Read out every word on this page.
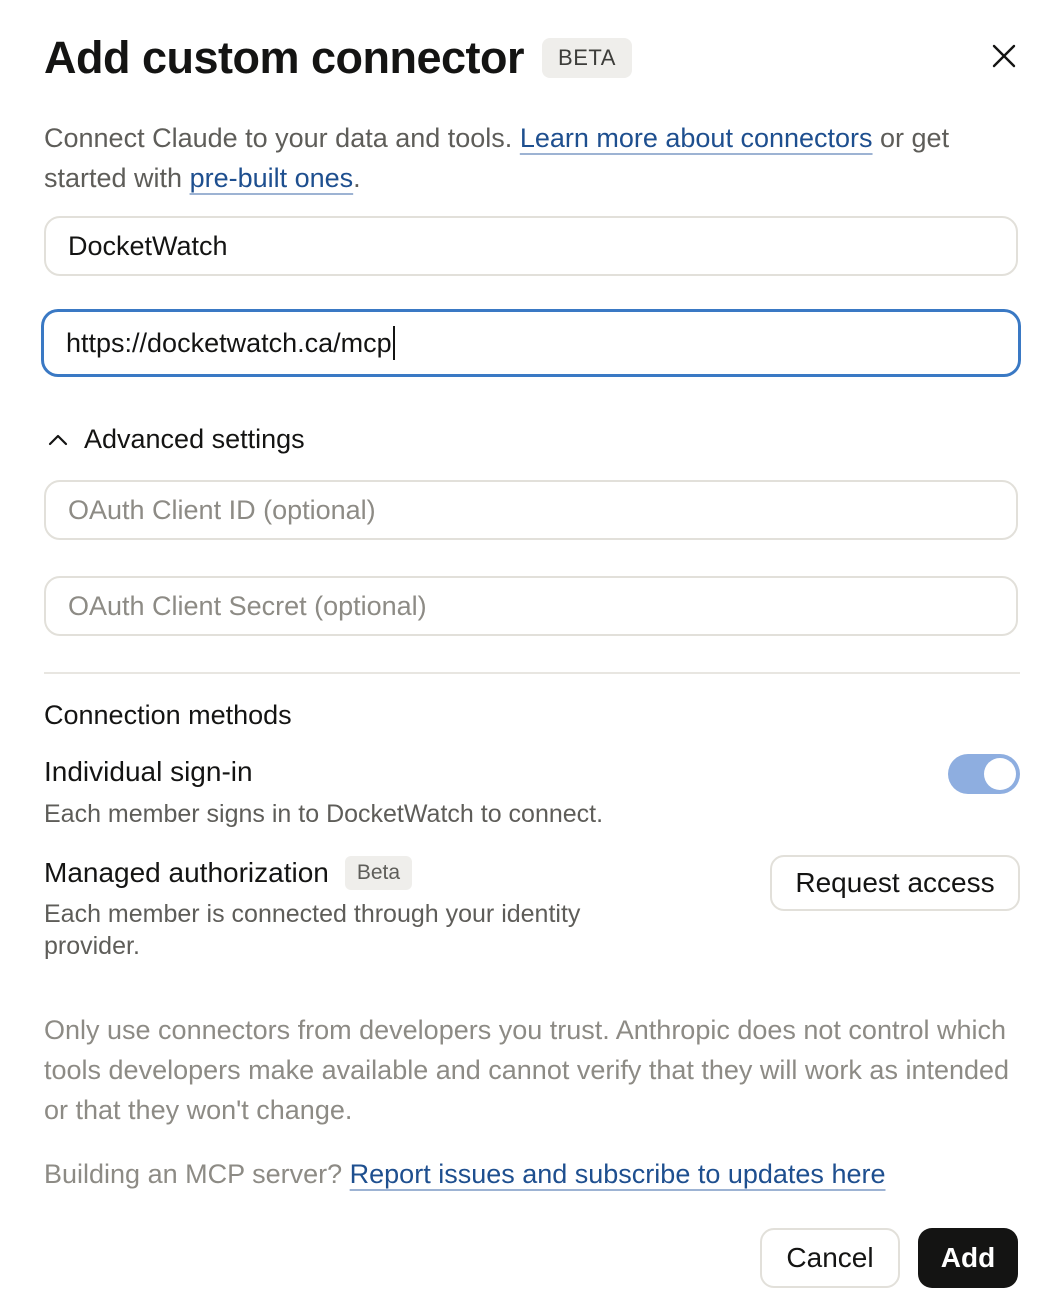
Add custom connector	BETA
Connect Claude to your data and tools. Learn more about connectors or get started with pre-built ones.
DocketWatch
https://docketwatch.ca/mcp
Advanced settings
OAuth Client ID (optional)
OAuth Client Secret (optional)
Connection methods
Individual sign-in
Each member signs in to DocketWatch to connect.
Managed authorization	Beta
Each member is connected through your identity
provider.
Request access
Only use connectors from developers you trust. Anthropic does not control which tools developers make available and cannot verify that they will work as intended or that they won't change.
Building an MCP server? Report issues and subscribe to updates here
Cancel	Add
